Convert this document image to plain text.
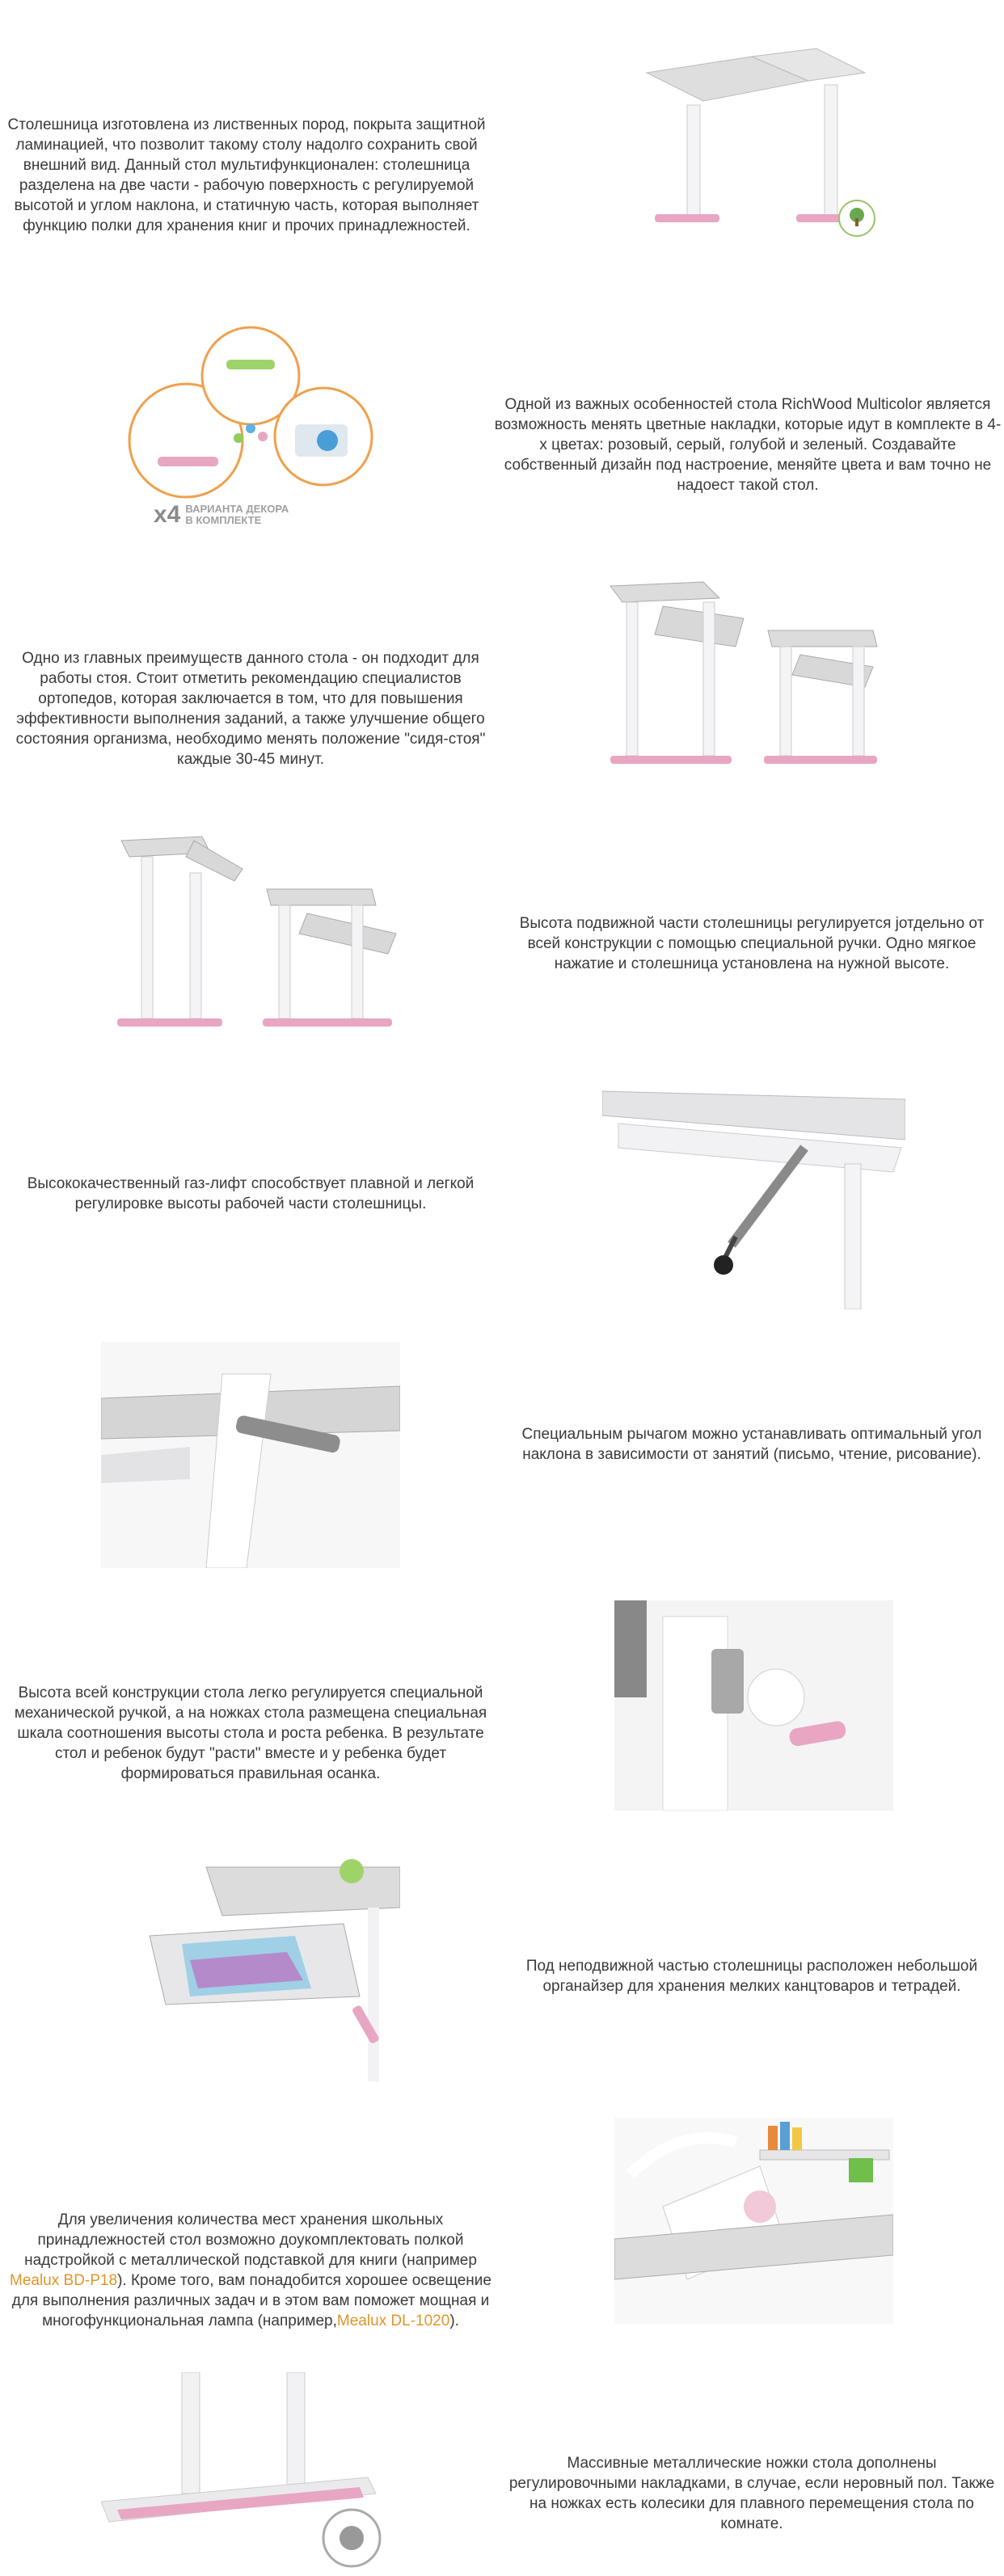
Столешница изготовлена из лиственных пород, покрыта защитной ламинацией, что позволит такому столу надолго сохранить свой внешний вид. Данный стол мультифункционален: столешница разделена на две части - рабочую поверхность с регулируемой высотой и углом наклона, и статичную часть, которая выполняет функцию полки для хранения книг и прочих принадлежностей.

x4 ВАРИАНТА ДЕКОРА
В КОМПЛЕКТЕ

Одной из важных особенностей стола RichWood Multicolor является возможность менять цветные накладки, которые идут в комплекте в 4-х цветах: розовый, серый, голубой и зеленый. Создавайте собственный дизайн под настроение, меняйте цвета и вам точно не надоест такой стол.

Одно из главных преимуществ данного стола - он подходит для работы стоя. Стоит отметить рекомендацию специалистов ортопедов, которая заключается в том, что для повышения эффективности выполнения заданий, а также улучшение общего состояния организма, необходимо менять положение "сидя-стоя" каждые 30-45 минут.

Высота подвижной части столешницы регулируется јотдельно от всей конструкции с помощью специальной ручки. Одно мягкое нажатие и столешница установлена на нужной высоте.

Высококачественный газ-лифт способствует плавной и легкой регулировке высоты рабочей части столешницы.

Специальным рычагом можно устанавливать оптимальный угол наклона в зависимости от занятий (письмо, чтение, рисование).

Высота всей конструкции стола легко регулируется специальной механической ручкой, а на ножках стола размещена специальная шкала соотношения высоты стола и роста ребенка. В результате стол и ребенок будут "расти" вместе и у ребенка будет формироваться правильная осанка.

Под неподвижной частью столешницы расположен небольшой органайзер для хранения мелких канцтоваров и тетрадей.

Для увеличения количества мест хранения школьных принадлежностей стол возможно доукомплектовать полкой надстройкой с металлической подставкой для книги (например Mealux BD-P18). Кроме того, вам понадобится хорошее освещение для выполнения различных задач и в этом вам поможет мощная и многофункциональная лампа (например,Mealux DL-1020).

Массивные металлические ножки стола дополнены регулировочными накладками, в случае, если неровный пол. Также на ножках есть колесики для плавного перемещения стола по комнате.
